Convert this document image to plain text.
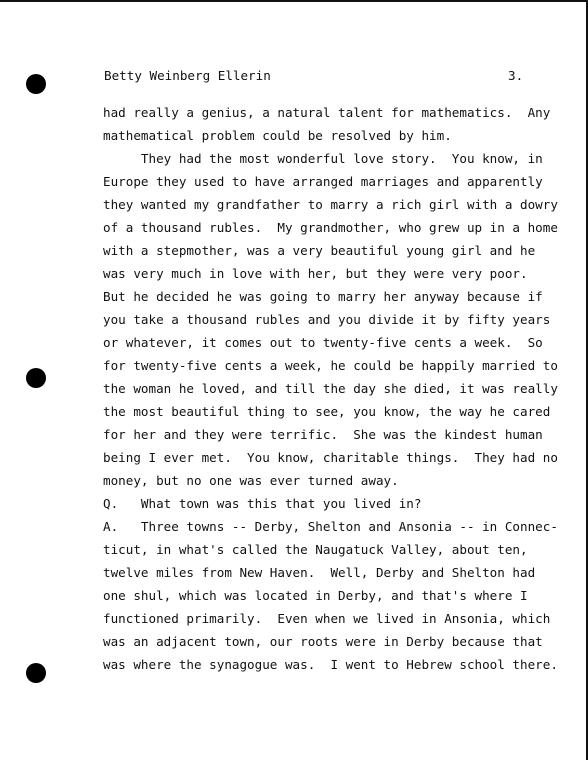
Betty Weinberg Ellerin	3.
had really a genius, a natural talent for mathematics.  Any
mathematical problem could be resolved by him.
They had the most wonderful love story.  You know, in
Europe they used to have arranged marriages and apparently
they wanted my grandfather to marry a rich girl with a dowry
of a thousand rubles.  My grandmother, who grew up in a home
with a stepmother, was a very beautiful young girl and he
was very much in love with her, but they were very poor.
But he decided he was going to marry her anyway because if
you take a thousand rubles and you divide it by fifty years
or whatever, it comes out to twenty-five cents a week.  So
for twenty-five cents a week, he could be happily married to
the woman he loved, and till the day she died, it was really
the most beautiful thing to see, you know, the way he cared
for her and they were terrific.  She was the kindest human
being I ever met.  You know, charitable things.  They had no
money, but no one was ever turned away.
Q.   What town was this that you lived in?
A.   Three towns -- Derby, Shelton and Ansonia -- in Connec-
ticut, in what's called the Naugatuck Valley, about ten,
twelve miles from New Haven.  Well, Derby and Shelton had
one shul, which was located in Derby, and that's where I
functioned primarily.  Even when we lived in Ansonia, which
was an adjacent town, our roots were in Derby because that
was where the synagogue was.  I went to Hebrew school there.
